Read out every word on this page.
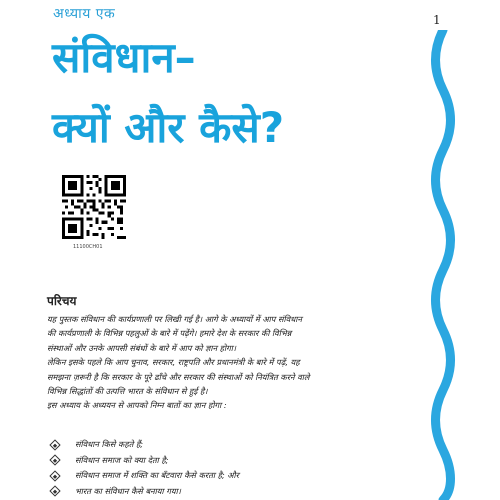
अध्याय एक	1
संविधान–
क्यों और कैसे?
11100CH01
परिचय
यह पुस्तक संविधान की कार्यप्रणाली पर लिखी गई है। आगे के अध्यायों में आप संविधान
की कार्यप्रणाली के विभिन्न पहलुओं के बारे में पढ़ेंगे। हमारे देश के सरकार की विभिन्न
संस्थाओं और उनके आपसी संबंधों के बारे में आप को ज्ञान होगा।
लेकिन इसके पहले कि आप चुनाव, सरकार, राष्ट्रपति और प्रधानमंत्री के बारे में पढ़ें, यह
समझना ज़रूरी है कि सरकार के पूरे ढाँचे और सरकार की संस्थाओं को नियंत्रित करने वाले
विभिन्न सिद्धांतों की उत्पत्ति भारत के संविधान से हुई है।
इस अध्याय के अध्ययन से आपको निम्न बातों का ज्ञान होगा :
संविधान किसे कहते हैं;
संविधान समाज को क्या देता है;
संविधान समाज में शक्ति का बँटवारा कैसे करता है; और
भारत का संविधान कैसे बनाया गया।
